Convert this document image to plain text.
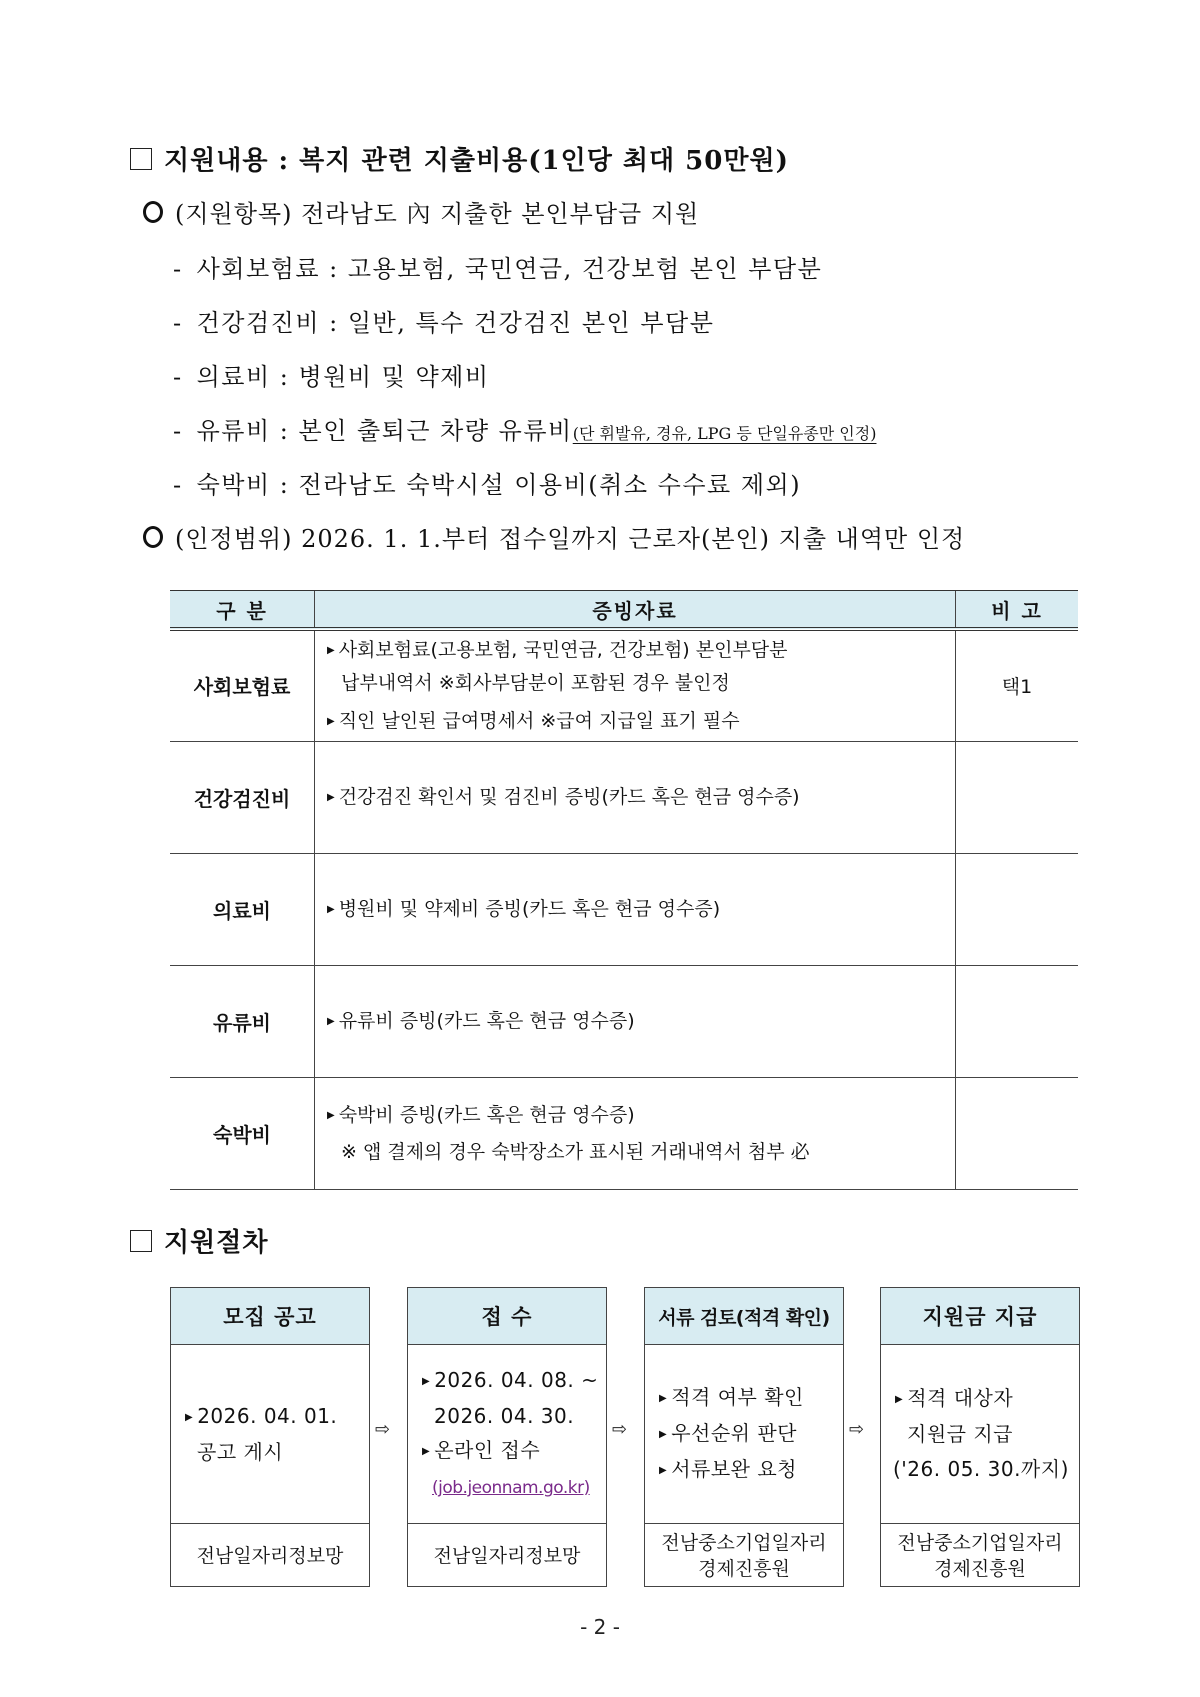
지원내용 : 복지 관련 지출비용(1인당 최대 50만원)
(지원항목) 전라남도 內 지출한 본인부담금 지원
- 사회보험료 : 고용보험, 국민연금, 건강보험 본인 부담분
- 건강검진비 : 일반, 특수 건강검진 본인 부담분
- 의료비 : 병원비 및 약제비
- 유류비 : 본인 출퇴근 차량 유류비(단 휘발유, 경유, LPG 등 단일유종만 인정)
- 숙박비 : 전라남도 숙박시설 이용비(취소 수수료 제외)
(인정범위) 2026. 1. 1.부터 접수일까지 근로자(본인) 지출 내역만 인정
구 분	증빙자료	비 고
사회보험료	▶ 사회보험료(고용보험, 국민연금, 건강보험) 본인부담분
납부내역서 ※회사부담분이 포함된 경우 불인정
▶ 직인 날인된 급여명세서 ※급여 지급일 표기 필수	택1
건강검진비	▶ 건강검진 확인서 및 검진비 증빙(카드 혹은 현금 영수증)	

의료비	▶ 병원비 및 약제비 증빙(카드 혹은 현금 영수증)	

유류비	▶ 유류비 증빙(카드 혹은 현금 영수증)	

숙박비	▶ 숙박비 증빙(카드 혹은 현금 영수증)
※ 앱 결제의 경우 숙박장소가 표시된 거래내역서 첨부 必	

지원절차
모집 공고
▶ 2026. 04. 01.
공고 게시
전남일자리정보망
⇨
접 수
▶ 2026. 04. 08. ~
2026. 04. 30.
▶ 온라인 접수
(job.jeonnam.go.kr)
전남일자리정보망
⇨
서류 검토(적격 확인)
▶ 적격 여부 확인
▶ 우선순위 판단
▶ 서류보완 요청
전남중소기업일자리
경제진흥원
⇨
지원금 지급
▶ 적격 대상자
지원금 지급
('26. 05. 30.까지)
전남중소기업일자리
경제진흥원
- 2 -
